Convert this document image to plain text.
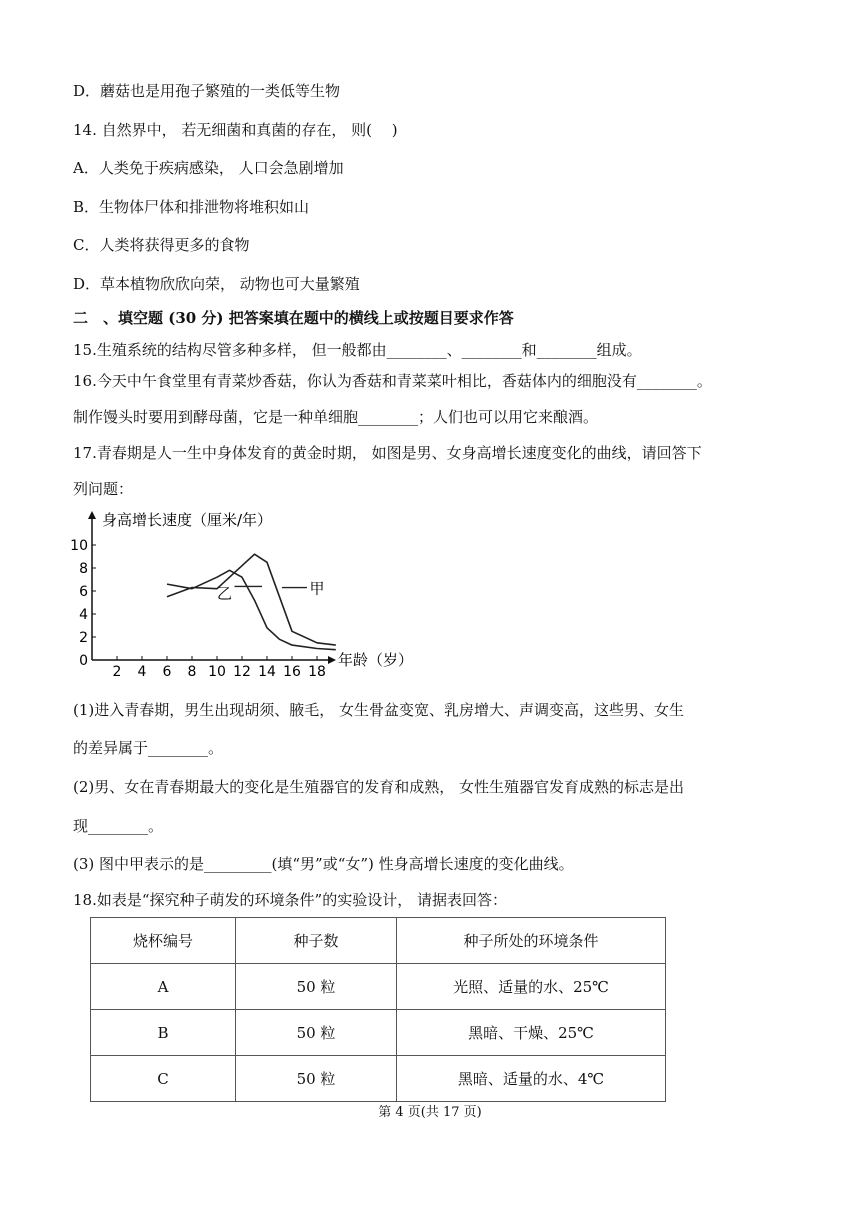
D．蘑菇也是用孢子繁殖的一类低等生物
14. 自然界中， 若无细菌和真菌的存在， 则(　 )
A．人类免于疾病感染， 人口会急剧增加
B．生物体尸体和排泄物将堆积如山
C．人类将获得更多的食物
D．草本植物欣欣向荣， 动物也可大量繁殖
二　、填空题 (30 分) 把答案填在题中的横线上或按题目要求作答
15.生殖系统的结构尽管多种多样， 但一般都由________、________和________组成。
16.今天中午食堂里有青菜炒香菇，你认为香菇和青菜菜叶相比，香菇体内的细胞没有________。
制作馒头时要用到酵母菌，它是一种单细胞________；人们也可以用它来酿酒。
17.青春期是人一生中身体发育的黄金时期， 如图是男、女身高增长速度变化的曲线，请回答下
列问题：
身高增长速度（厘米/年）
年龄（岁）
0
2
4
6
8
10
2 4 6 8 10 12 14 16 18
甲
乙
(1)进入青春期，男生出现胡须、腋毛， 女生骨盆变宽、乳房增大、声调变高，这些男、女生
的差异属于________。
(2)男、女在青春期最大的变化是生殖器官的发育和成熟， 女性生殖器官发育成熟的标志是出
现________。
(3) 图中甲表示的是_________(填“男”或“女”) 性身高增长速度的变化曲线。
18.如表是“探究种子萌发的环境条件”的实验设计， 请据表回答：
烧杯编号	种子数	种子所处的环境条件
A	50 粒	光照、适量的水、25℃
B	50 粒	黑暗、干燥、25℃
C	50 粒	黑暗、适量的水、4℃
第 4 页(共 17 页)
